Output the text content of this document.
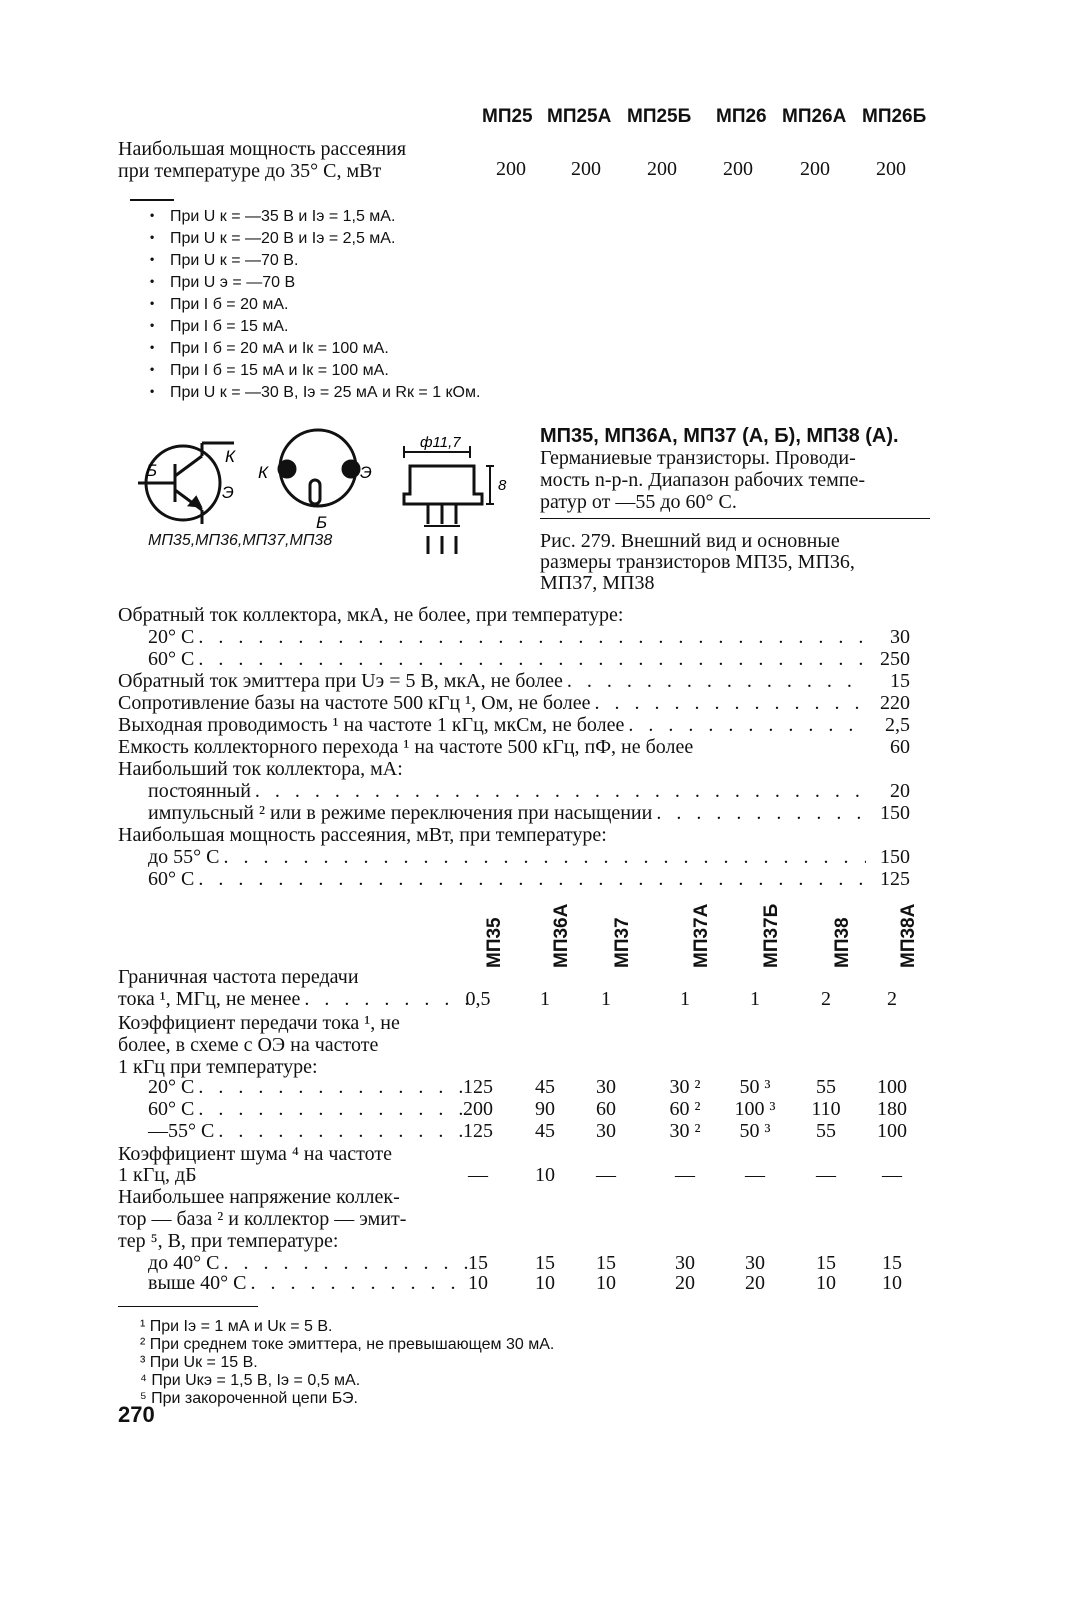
МП25 МП25А МП25Б МП26 МП26А МП26Б
Наибольшая мощность рассеяния
при температуре до 35° С, мВт	200 200 200 200 200 200
При U к = —35 В и Iэ = 1,5 мА.
•
При U к = —20 В и Iэ = 2,5 мА.
•
При U к = —70 В.
•
При U э = —70 В
•
При I б = 20 мА.
•
При I б = 15 мА.
•
При I б = 20 мА и Iк = 100 мА.
•
При I б = 15 мА и Iк = 100 мА.
•
При U к = —30 В, Iэ = 25 мА и Rк = 1 кОм.
•
Б
К
Э
К	Э
Б
МП35,МП36,МП37,МП38
ф11,7
8
МП35, МП36А, МП37 (А, Б), МП38 (А).
Германиевые транзисторы. Проводи-
мость n-p-n. Диапазон рабочих темпе-
ратур от —55 до 60° С.
Рис. 279. Внешний вид и основные
размеры транзисторов МП35, МП36,
МП37, МП38
Обратный ток коллектора, мкА, не более, при температуре:
20° С . . .	30
60° С . . .	250
Обратный ток эмиттера при Uэ = 5 В, мкА, не более . . .	15
Сопротивление базы на частоте 500 кГц ¹, Ом, не более . . .	220
Выходная проводимость ¹ на частоте 1 кГц, мкСм, не более . . .	2,5
Емкость коллекторного перехода ¹ на частоте 500 кГц, пФ, не более	60
Наибольший ток коллектора, мА:
постоянный . . .	20
импульсный ² или в режиме переключения при насыщении . . .	150
Наибольшая мощность рассеяния, мВт, при температуре:
до 55° С . . .	150
60° С . . .	125
МП35 МП36А МП37	МП37А	МП37Б	МП38 МП38А
Граничная частота передачи
тока ¹, МГц, не менее . . .	0,5	1	1	1	1	2	2
Коэффициент передачи тока ¹, не
более, в схеме с ОЭ на частоте
1 кГц при температуре:
20° С . . .	125	45	30	30 ²	50 ³	55	100
60° С . . .	200	90	60	60 ²	100 ³	110	180
—55° С . . .	125	45	30	30 ²	50 ³	55	100
Коэффициент шума ⁴ на частоте
1 кГц, дБ	—	10	—	—	—	—	—
Наибольшее напряжение коллек-
тор — база ² и коллектор — эмит-
тер ⁵, В, при температуре:
до 40° С . . .	15	15	15	30	30	15	15
выше 40° С . . .	10	10	10	20	20	10	10
¹ При Iэ = 1 мА и Uк = 5 В.
² При среднем токе эмиттера, не превышающем 30 мА.
³ При Uк = 15 В.
⁴ При Uкэ = 1,5 В, Iэ = 0,5 мА.
⁵ При закороченной цепи БЭ.
270
